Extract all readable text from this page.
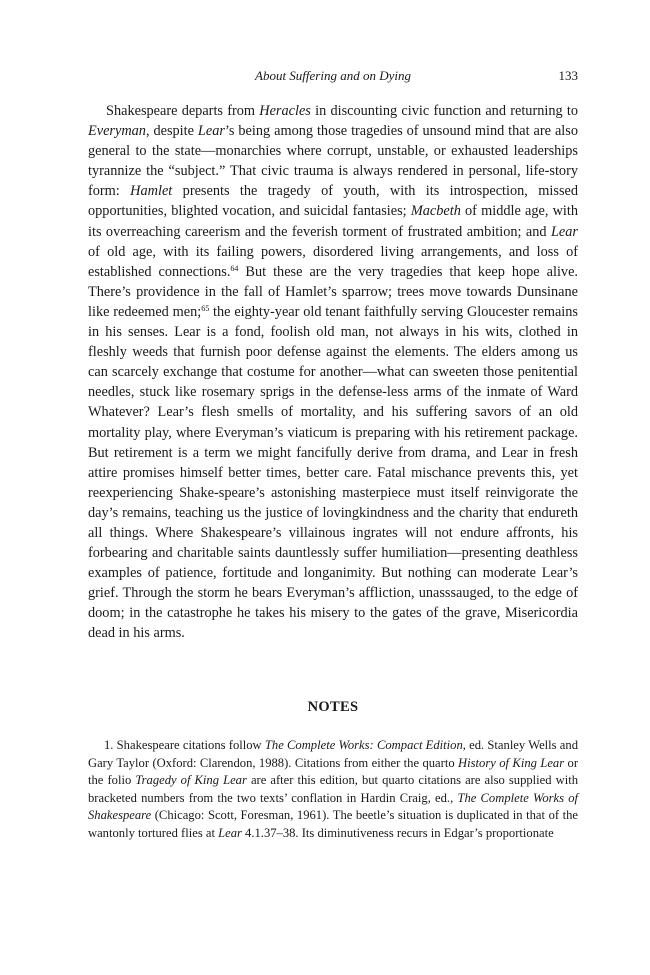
About Suffering and on Dying	133

Shakespeare departs from Heracles in discounting civic function and returning to Everyman, despite Lear’s being among those tragedies of unsound mind that are also general to the state—monarchies where corrupt, unstable, or exhausted leaderships tyrannize the “subject.” That civic trauma is always rendered in personal, life-story form: Hamlet presents the tragedy of youth, with its introspection, missed opportunities, blighted vocation, and suicidal fantasies; Macbeth of middle age, with its overreaching careerism and the feverish torment of frustrated ambition; and Lear of old age, with its failing powers, disordered living arrangements, and loss of established connections.$^{64}$ But these are the very tragedies that keep hope alive. There’s providence in the fall of Hamlet’s sparrow; trees move towards Dunsinane like redeemed men;$^{65}$ the eighty-year old tenant faithfully serving Gloucester remains in his senses. Lear is a fond, foolish old man, not always in his wits, clothed in fleshly weeds that furnish poor defense against the elements. The elders among us can scarcely exchange that costume for another—what can sweeten those penitential needles, stuck like rosemary sprigs in the defense-less arms of the inmate of Ward Whatever? Lear’s flesh smells of mortality, and his suffering savors of an old mortality play, where Everyman’s viaticum is preparing with his retirement package. But retirement is a term we might fancifully derive from drama, and Lear in fresh attire promises himself better times, better care. Fatal mischance prevents this, yet reexperiencing Shake-speare’s astonishing masterpiece must itself reinvigorate the day’s remains, teaching us the justice of lovingkindness and the charity that endureth all things. Where Shakespeare’s villainous ingrates will not endure affronts, his forbearing and charitable saints dauntlessly suffer humiliation—presenting deathless examples of patience, fortitude and longanimity. But nothing can moderate Lear’s grief. Through the storm he bears Everyman’s affliction, unasssauged, to the edge of doom; in the catastrophe he takes his misery to the gates of the grave, Misericordia dead in his arms.

NOTES

1. Shakespeare citations follow The Complete Works: Compact Edition, ed. Stanley Wells and Gary Taylor (Oxford: Clarendon, 1988). Citations from either the quarto History of King Lear or the folio Tragedy of King Lear are after this edition, but quarto citations are also supplied with bracketed numbers from the two texts’ conflation in Hardin Craig, ed., The Complete Works of Shakespeare (Chicago: Scott, Foresman, 1961). The beetle’s situation is duplicated in that of the wantonly tortured flies at Lear 4.1.37–38. Its diminutiveness recurs in Edgar’s proportionate
